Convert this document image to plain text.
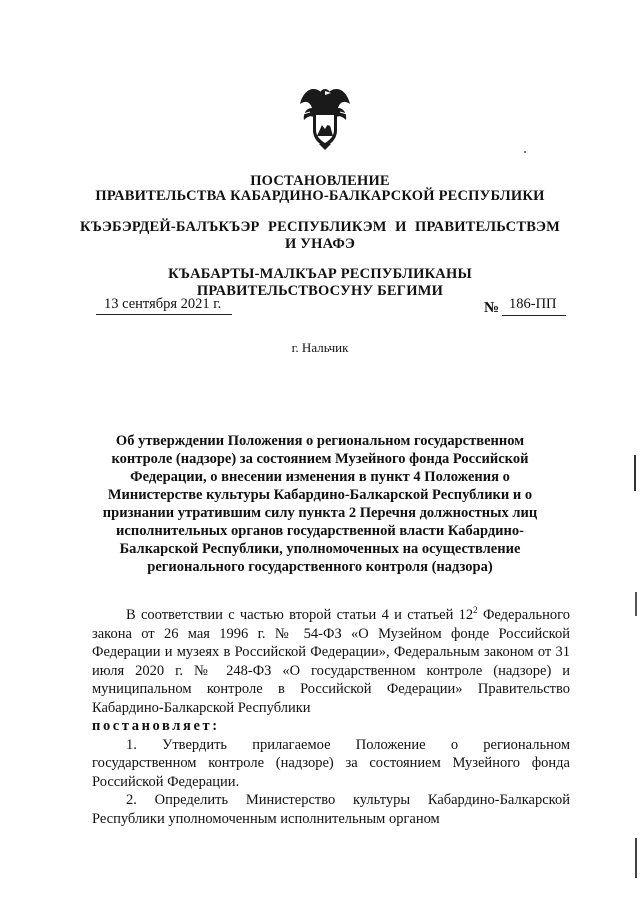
ПОСТАНОВЛЕНИЕ
ПРАВИТЕЛЬСТВА КАБАРДИНО-БАЛКАРСКОЙ РЕСПУБЛИКИ
КЪЭБЭРДЕЙ-БАЛЪКЪЭР РЕСПУБЛИКЭМ И ПРАВИТЕЛЬСТВЭМ И УНАФЭ
КЪАБАРТЫ-МАЛКЪАР РЕСПУБЛИКАНЫ ПРАВИТЕЛЬСТВОСУНУ БЕГИМИ
13 сентября 2021 г.	№ 186-ПП
г. Нальчик
Об утверждении Положения о региональном государственном контроле (надзоре) за состоянием Музейного фонда Российской Федерации, о внесении изменения в пункт 4 Положения о Министерстве культуры Кабардино-Балкарской Республики и о признании утратившим силу пункта 2 Перечня должностных лиц исполнительных органов государственной власти Кабардино-Балкарской Республики, уполномоченных на осуществление регионального государственного контроля (надзора)

В соответствии с частью второй статьи 4 и статьей $12^2$ Федерального закона от 26 мая 1996 г. № 54-ФЗ «О Музейном фонде Российской Федерации и музеях в Российской Федерации», Федеральным законом от 31 июля 2020 г. № 248-ФЗ «О государственном контроле (надзоре) и муниципальном контроле в Российской Федерации» Правительство Кабардино-Балкарской Республики

постановляет:

1. Утвердить прилагаемое Положение о региональном государственном контроле (надзоре) за состоянием Музейного фонда Российской Федерации.

2. Определить Министерство культуры Кабардино-Балкарской Республики уполномоченным исполнительным органом
